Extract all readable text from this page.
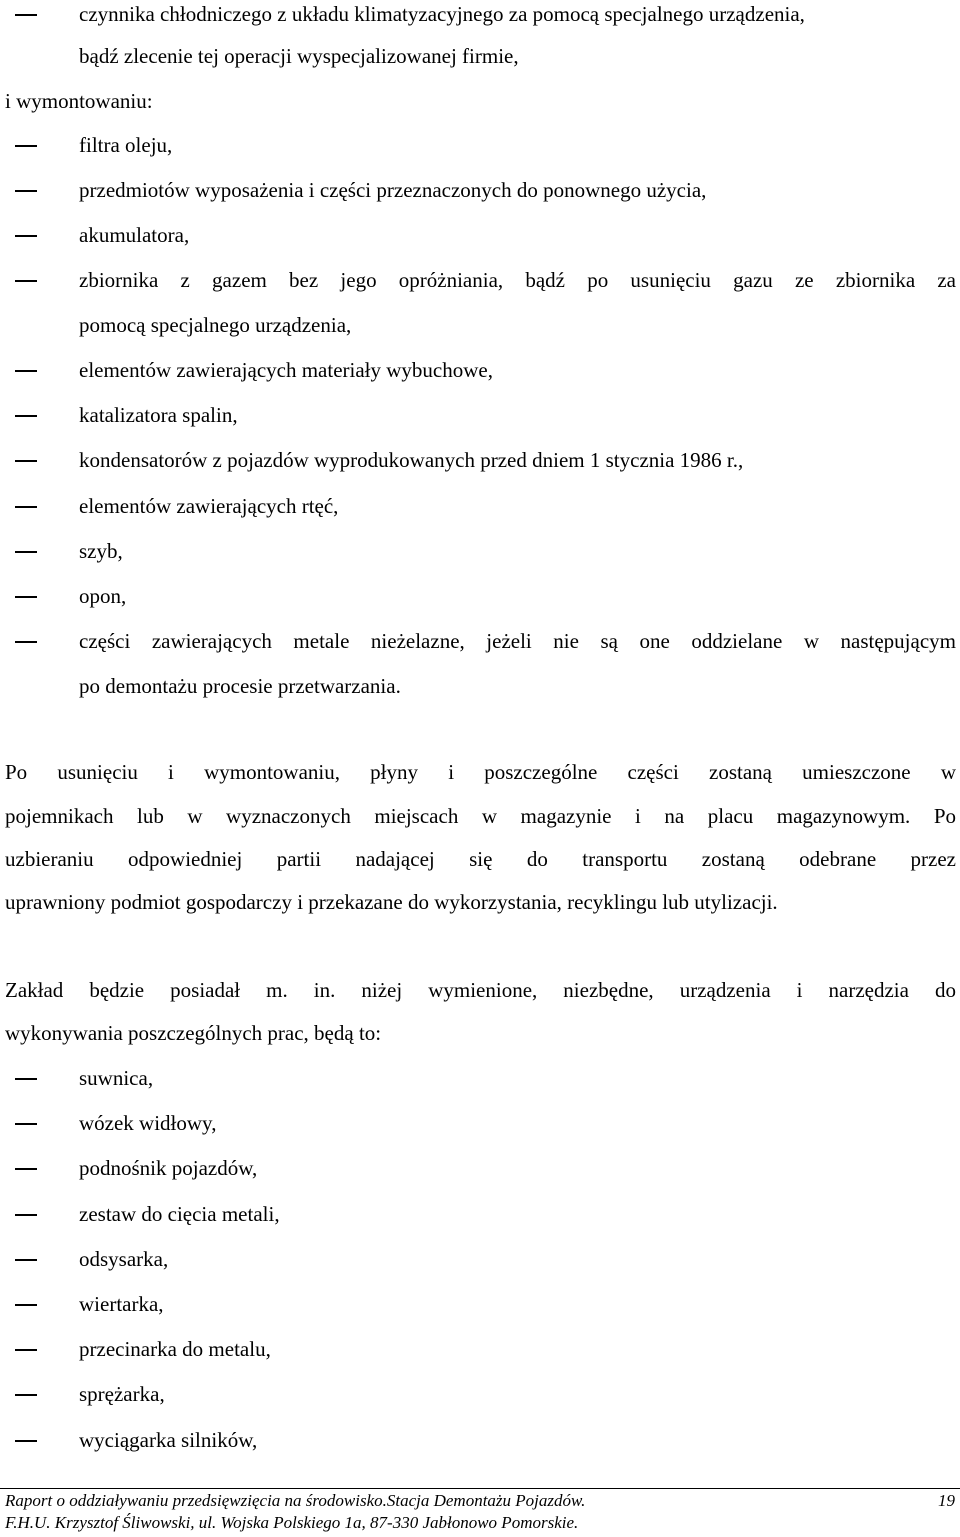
czynnika chłodniczego z układu klimatyzacyjnego za pomocą specjalnego urządzenia,
bądź zlecenie tej operacji wyspecjalizowanej firmie,
i wymontowaniu:
filtra oleju,
przedmiotów wyposażenia i części przeznaczonych do ponownego użycia,
akumulatora,
zbiornika z gazem bez jego opróżniania, bądź po usunięciu gazu ze zbiornika za
pomocą specjalnego urządzenia,
elementów zawierających materiały wybuchowe,
katalizatora spalin,
kondensatorów z pojazdów wyprodukowanych przed dniem 1 stycznia 1986 r.,
elementów zawierających rtęć,
szyb,
opon,
części zawierających metale nieżelazne, jeżeli nie są one oddzielane w następującym
po demontażu procesie przetwarzania.
Po usunięciu i wymontowaniu, płyny i poszczególne części zostaną umieszczone w
pojemnikach lub w wyznaczonych miejscach w magazynie i na placu magazynowym. Po
uzbieraniu odpowiedniej partii nadającej się do transportu zostaną odebrane przez
uprawniony podmiot gospodarczy i przekazane do wykorzystania, recyklingu lub utylizacji.
Zakład będzie posiadał m. in. niżej wymienione, niezbędne, urządzenia i narzędzia do
wykonywania poszczególnych prac, będą to:
suwnica,
wózek widłowy,
podnośnik pojazdów,
zestaw do cięcia metali,
odsysarka,
wiertarka,
przecinarka do metalu,
sprężarka,
wyciągarka silników,
Raport o oddziaływaniu przedsięwzięcia na środowisko.Stacja Demontażu Pojazdów.	19
F.H.U. Krzysztof Śliwowski, ul. Wojska Polskiego 1a, 87-330 Jabłonowo Pomorskie.
